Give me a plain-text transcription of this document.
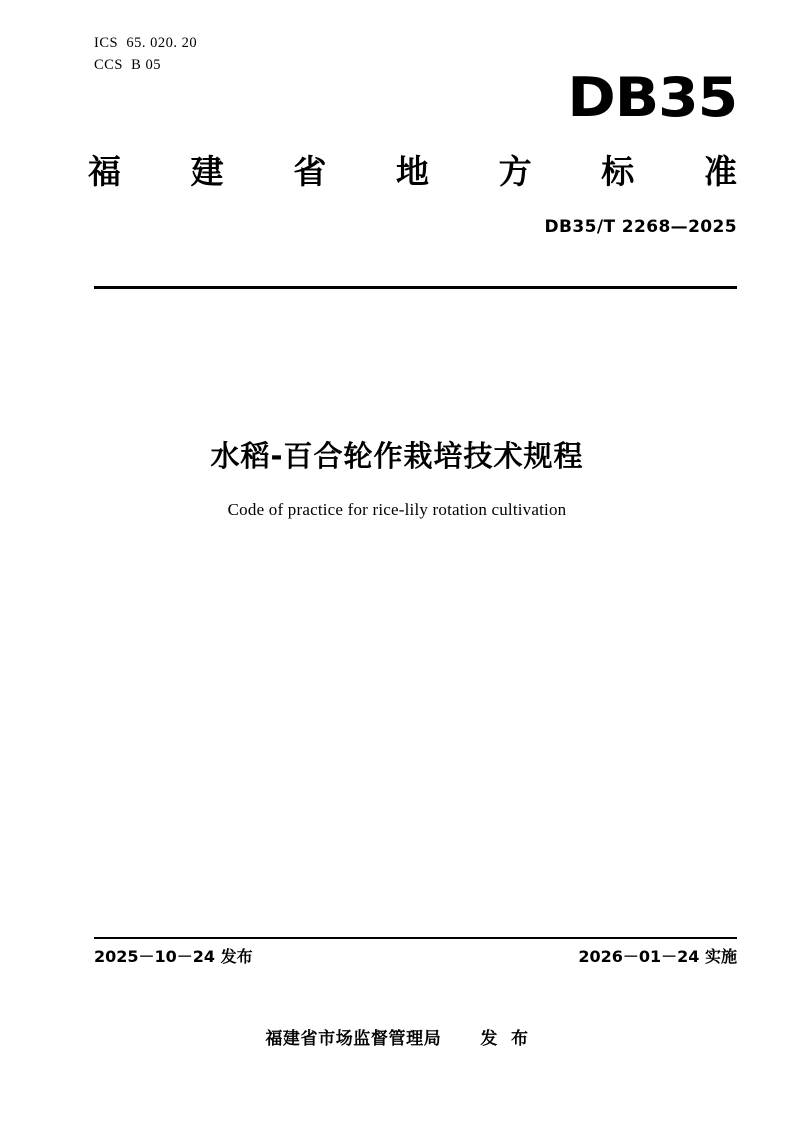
ICS  65. 020. 20
CCS  B 05
DB35
福 建 省 地 方 标 准
DB35/T 2268—2025
水稻-百合轮作栽培技术规程
Code of practice for rice-lily rotation cultivation
2025－10－24 发布	2026－01－24 实施
福建省市场监督管理局      发  布
